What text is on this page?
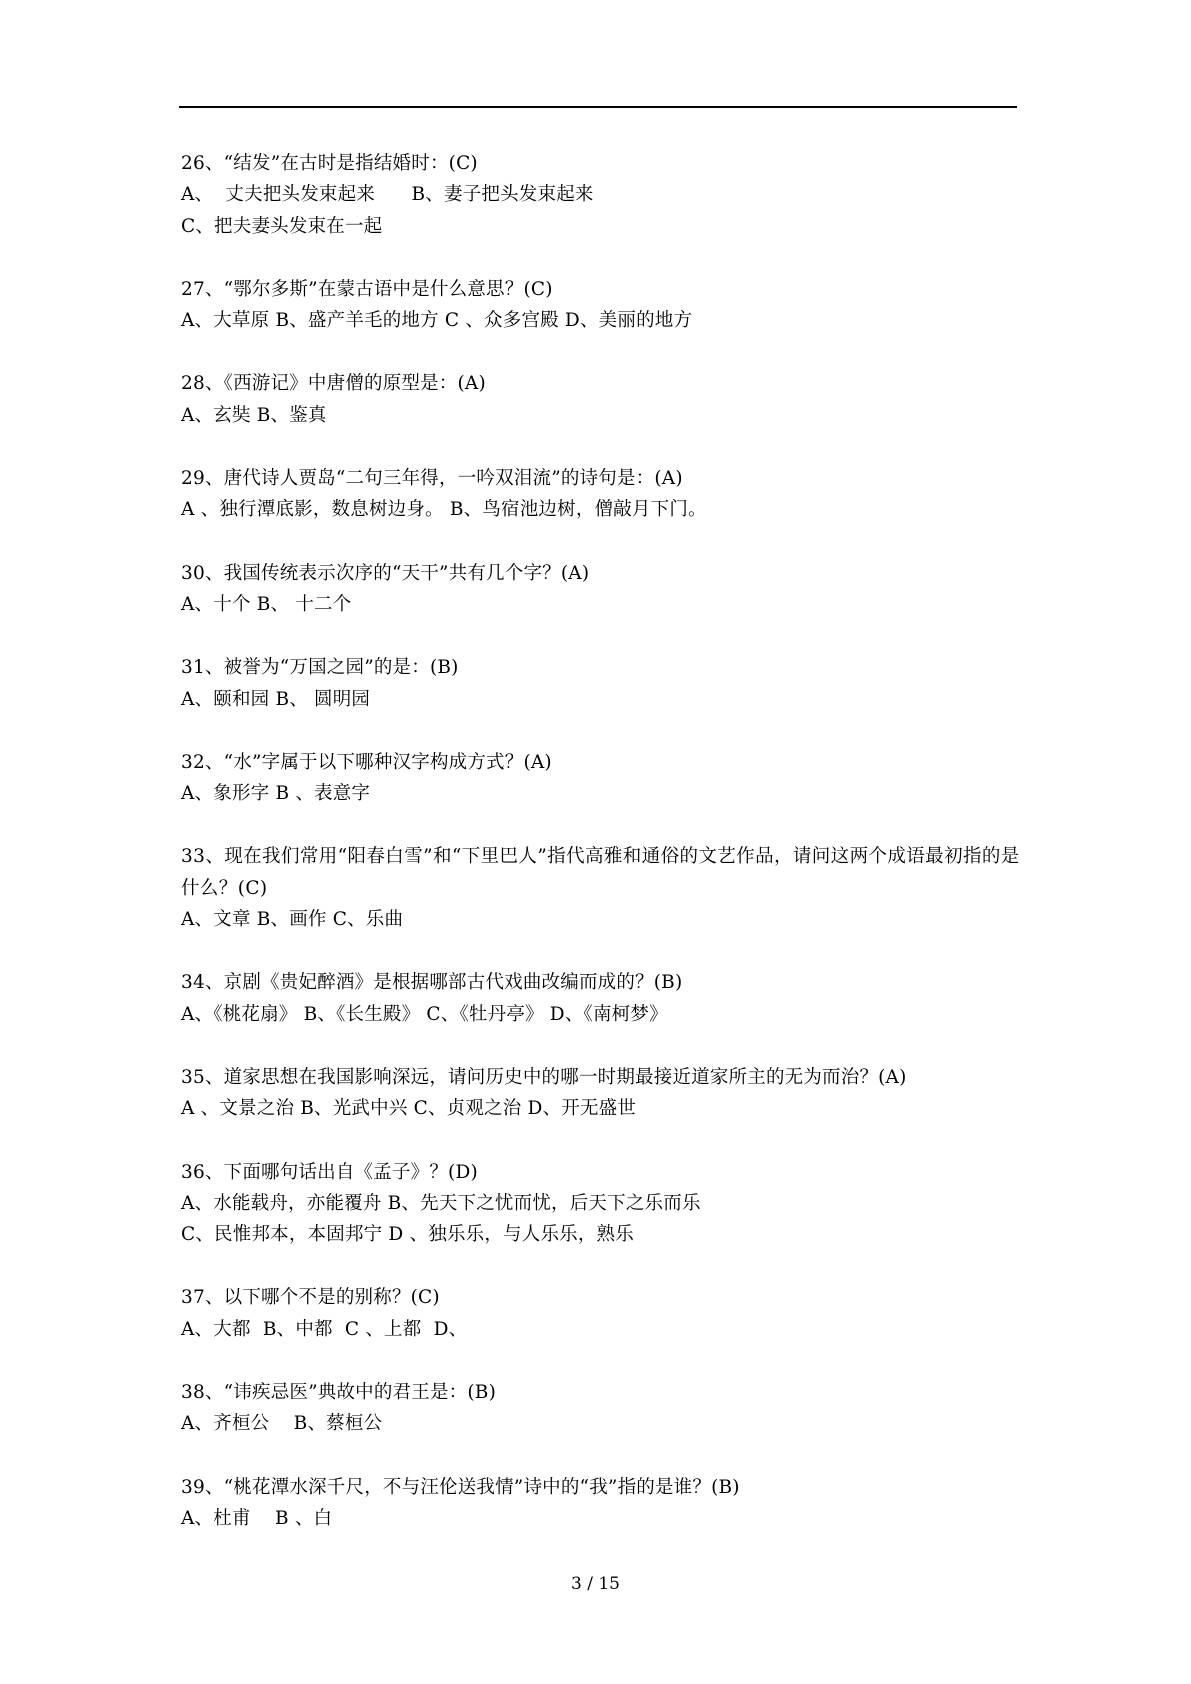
26、“结发”在古时是指结婚时：(C)
A、  丈夫把头发束起来      B、妻子把头发束起来
C、把夫妻头发束在一起
27、“鄂尔多斯”在蒙古语中是什么意思？(C)
A、大草原 B、盛产羊毛的地方 C 、众多宫殿 D、美丽的地方
28、《西游记》中唐僧的原型是：(A)
A、玄奘 B、鉴真
29、唐代诗人贾岛“二句三年得，一吟双泪流”的诗句是：(A)
A 、独行潭底影，数息树边身。 B、鸟宿池边树，僧敲月下门。
30、我国传统表示次序的“天干”共有几个字？(A)
A、十个 B、 十二个
31、被誉为“万国之园”的是：(B)
A、颐和园 B、 圆明园
32、“水”字属于以下哪种汉字构成方式？(A)
A、象形字 B 、表意字
33、现在我们常用“阳春白雪”和“下里巴人”指代高雅和通俗的文艺作品，请问这两个成语最初指的是什么？(C)
A、文章 B、画作 C、乐曲
34、京剧《贵妃醉酒》是根据哪部古代戏曲改编而成的？(B)
A、《桃花扇》 B、《长生殿》 C、《牡丹亭》 D、《南柯梦》
35、道家思想在我国影响深远，请问历史中的哪一时期最接近道家所主的无为而治？(A)
A 、文景之治 B、光武中兴 C、贞观之治 D、开无盛世
36、下面哪句话出自《孟子》？(D)
A、水能载舟，亦能覆舟 B、先天下之忧而忧，后天下之乐而乐
C、民惟邦本，本固邦宁 D 、独乐乐，与人乐乐，熟乐
37、以下哪个不是的别称？(C)
A、大都  B、中都  C 、上都  D、
38、“讳疾忌医”典故中的君王是：(B)
A、齐桓公    B、蔡桓公
39、“桃花潭水深千尺，不与汪伦送我情”诗中的“我”指的是谁？(B)
A、杜甫    B 、白
3 / 15
